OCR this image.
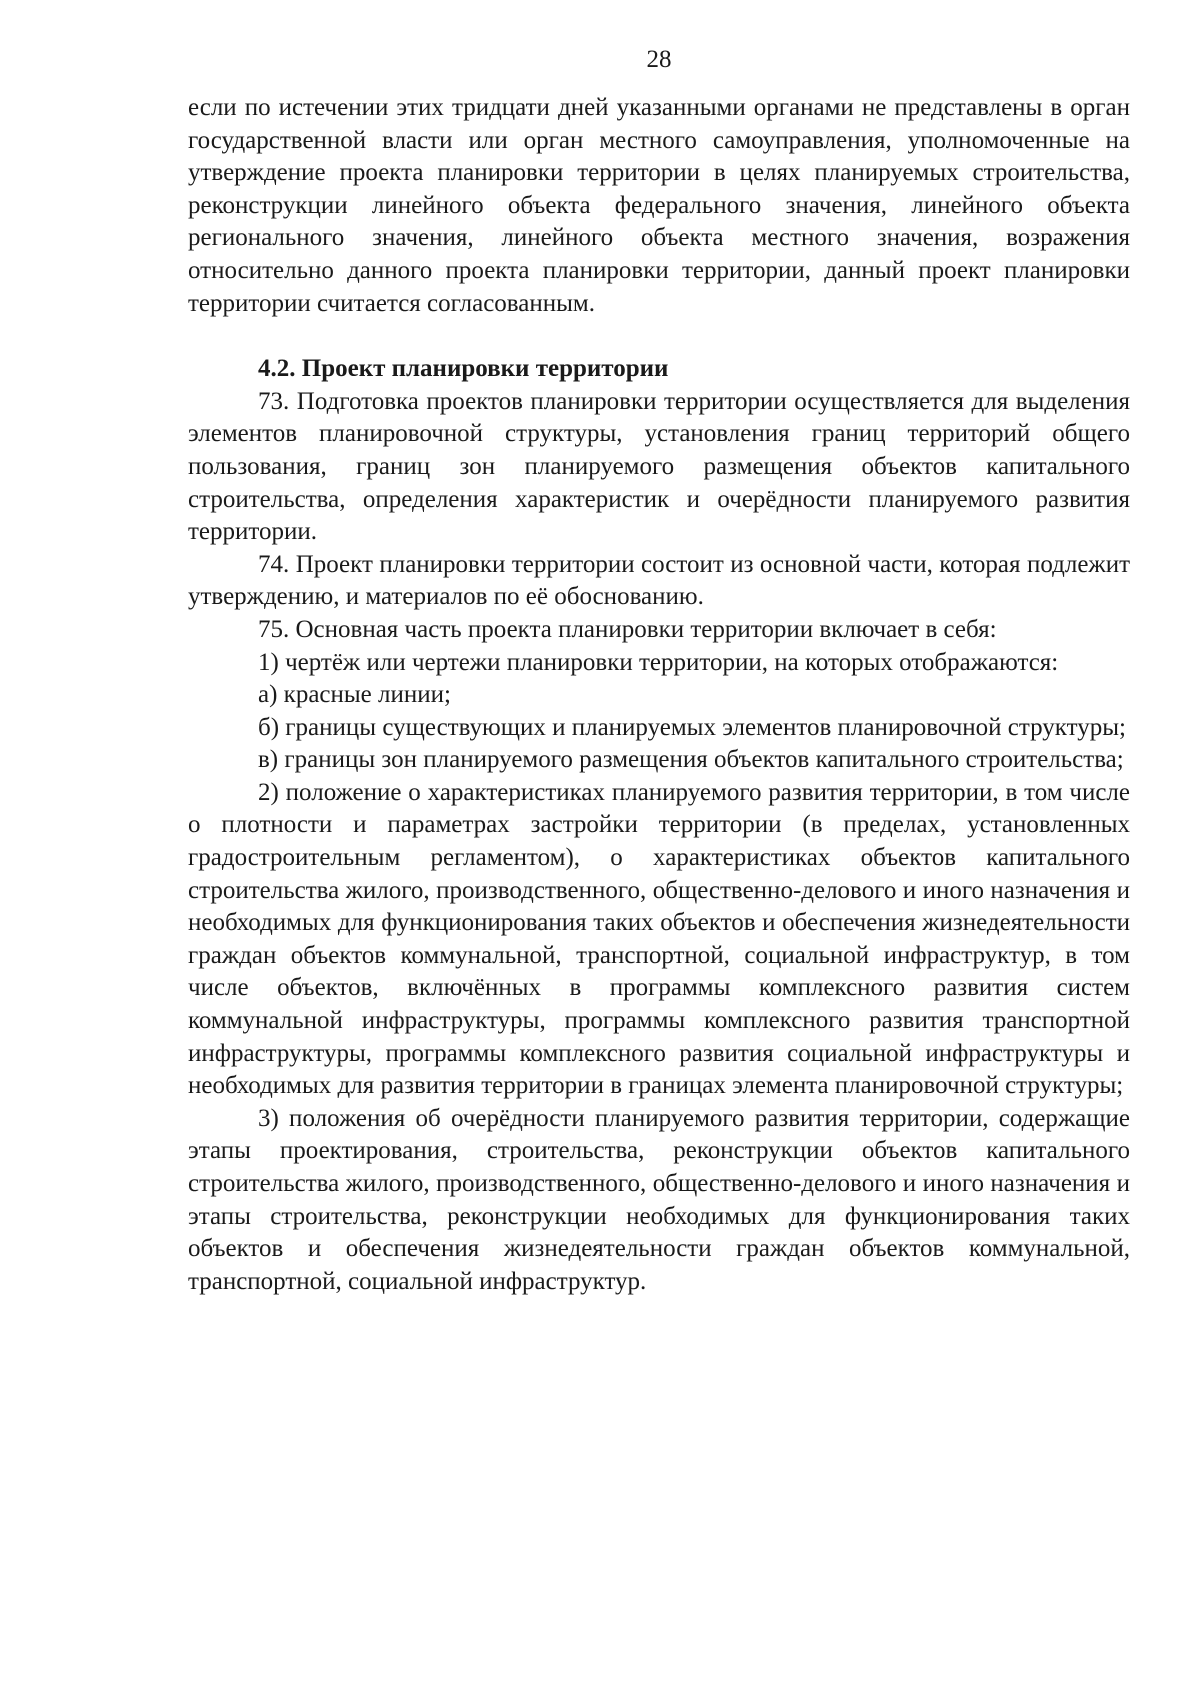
28

если по истечении этих тридцати дней указанными органами не представлены в орган государственной власти или орган местного самоуправления, уполномоченные на утверждение проекта планировки территории в целях планируемых строительства, реконструкции линейного объекта федерального значения, линейного объекта регионального значения, линейного объекта местного значения, возражения относительно данного проекта планировки территории, данный проект планировки территории считается согласованным.

4.2. Проект планировки территории

73. Подготовка проектов планировки территории осуществляется для выделения элементов планировочной структуры, установления границ территорий общего пользования, границ зон планируемого размещения объектов капитального строительства, определения характеристик и очерёдности планируемого развития территории.

74. Проект планировки территории состоит из основной части, которая подлежит утверждению, и материалов по её обоснованию.

75. Основная часть проекта планировки территории включает в себя:

1) чертёж или чертежи планировки территории, на которых отображаются:

а) красные линии;

б) границы существующих и планируемых элементов планировочной структуры;

в) границы зон планируемого размещения объектов капитального строительства;

2) положение о характеристиках планируемого развития территории, в том числе о плотности и параметрах застройки территории (в пределах, установленных градостроительным регламентом), о характеристиках объектов капитального строительства жилого, производственного, общественно-делового и иного назначения и необходимых для функционирования таких объектов и обеспечения жизнедеятельности граждан объектов коммунальной, транспортной, социальной инфраструктур, в том числе объектов, включённых в программы комплексного развития систем коммунальной инфраструктуры, программы комплексного развития транспортной инфраструктуры, программы комплексного развития социальной инфраструктуры и необходимых для развития территории в границах элемента планировочной структуры;

3) положения об очерёдности планируемого развития территории, содержащие этапы проектирования, строительства, реконструкции объектов капитального строительства жилого, производственного, общественно-делового и иного назначения и этапы строительства, реконструкции необходимых для функционирования таких объектов и обеспечения жизнедеятельности граждан объектов коммунальной, транспортной, социальной инфраструктур.
